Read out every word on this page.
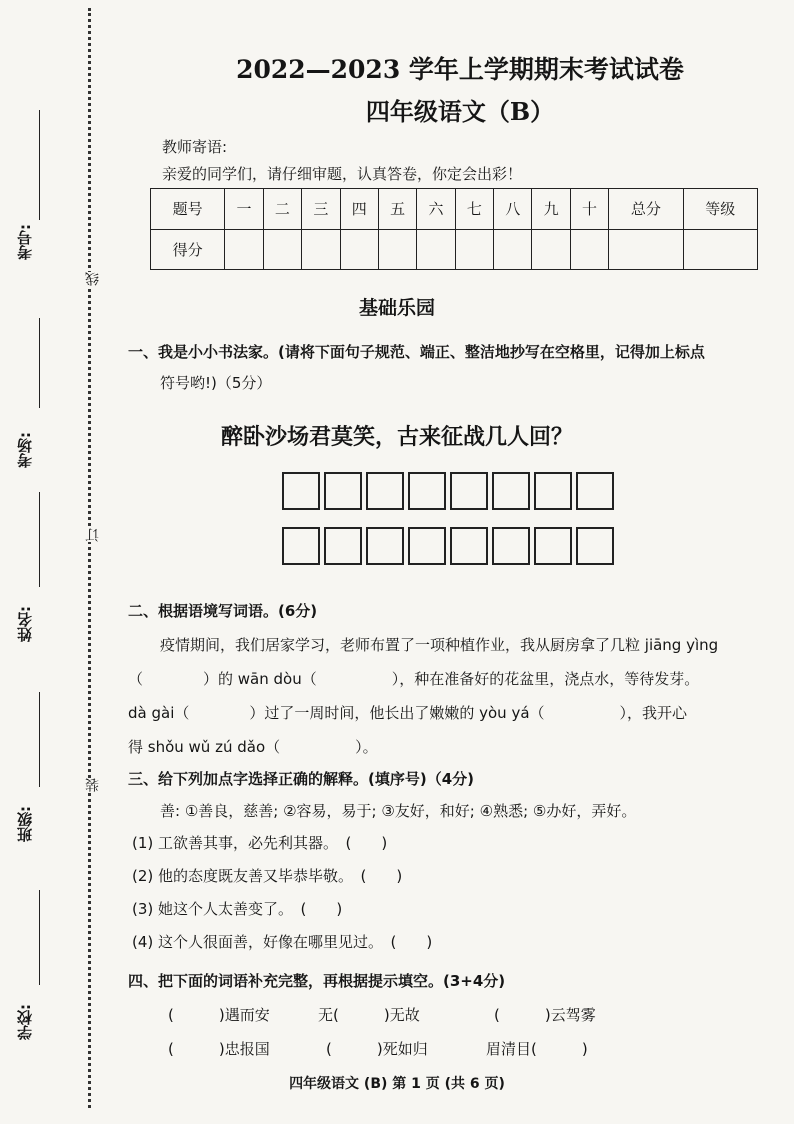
考号:
考场:
姓名:
班级:
学校:
线
订
装
2022—2023 学年上学期期末考试试卷
四年级语文（B）
教师寄语:
亲爱的同学们，请仔细审题，认真答卷，你定会出彩！
题号	一	二	三	四	五	六	七	八	九	十	总分	等级
得分												
基础乐园
一、我是小小书法家。(请将下面句子规范、端正、整洁地抄写在空格里，记得加上标点
符号哟!)（5分）
醉卧沙场君莫笑，古来征战几人回？
二、根据语境写词语。(6分)
疫情期间，我们居家学习，老师布置了一项种植作业，我从厨房拿了几粒 jiāng yìng
（　　　　）的 wān dòu（　　　　　），种在准备好的花盆里，浇点水，等待发芽。
dà gài（　　　　）过了一周时间，他长出了嫩嫩的 yòu yá（　　　　　），我开心
得 shǒu wǔ zú dǎo（　　　　　）。
三、给下列加点字选择正确的解释。(填序号)（4分)
善: ①善良，慈善; ②容易，易于; ③友好，和好; ④熟悉; ⑤办好，弄好。
(1) 工欲善其事，必先利其器。　(　　)
(2) 他的态度既友善又毕恭毕敬。　(　　)
(3) 她这个人太善变了。　(　　)
(4) 这个人很面善，好像在哪里见过。　(　　)
四、把下面的词语补充完整，再根据提示填空。(3+4分)
(　　　)遇而安	无(　　　)无故	(　　　)云驾雾
(　　　)忠报国	(　　　)死如归	眉清目(　　　)
四年级语文 (B) 第 1 页 (共 6 页)
